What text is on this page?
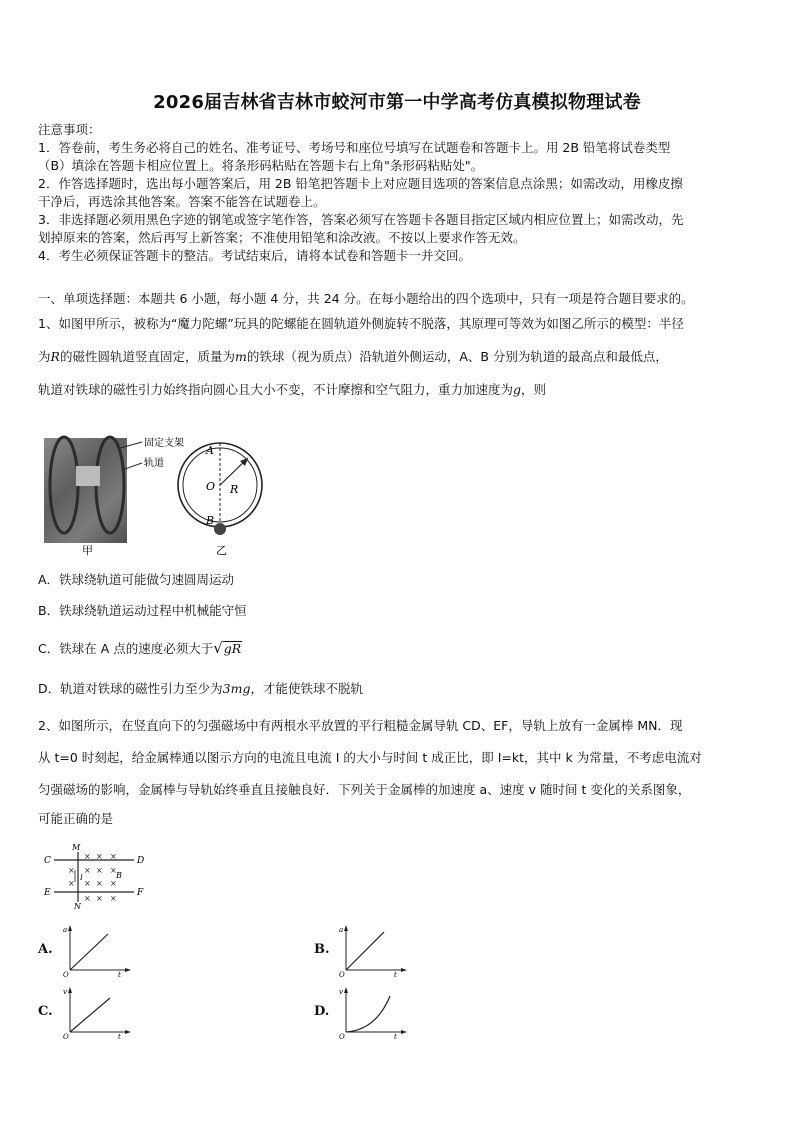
2026届吉林省吉林市蛟河市第一中学高考仿真模拟物理试卷
注意事项：
1．答卷前，考生务必将自己的姓名、准考证号、考场号和座位号填写在试题卷和答题卡上。用 2B 铅笔将试卷类型
（B）填涂在答题卡相应位置上。将条形码粘贴在答题卡右上角"条形码粘贴处"。
2．作答选择题时，选出每小题答案后，用 2B 铅笔把答题卡上对应题目选项的答案信息点涂黑；如需改动，用橡皮擦
干净后，再选涂其他答案。答案不能答在试题卷上。
3．非选择题必须用黑色字迹的钢笔或签字笔作答，答案必须写在答题卡各题目指定区域内相应位置上；如需改动，先
划掉原来的答案，然后再写上新答案；不准使用铅笔和涂改液。不按以上要求作答无效。
4．考生必须保证答题卡的整洁。考试结束后，请将本试卷和答题卡一并交回。
一、单项选择题：本题共 6 小题，每小题 4 分，共 24 分。在每小题给出的四个选项中，只有一项是符合题目要求的。
1、如图甲所示，被称为“魔力陀螺”玩具的陀螺能在圆轨道外侧旋转不脱落，其原理可等效为如图乙所示的模型：半径
为R的磁性圆轨道竖直固定，质量为m的铁球（视为质点）沿轨道外侧运动，A、B 分别为轨道的最高点和最低点，
轨道对铁球的磁性引力始终指向圆心且大小不变，不计摩擦和空气阻力，重力加速度为g，则
固定支架
轨道
甲
A
O R
B
乙
A．铁球绕轨道可能做匀速圆周运动
B．铁球绕轨道运动过程中机械能守恒
C．铁球在 A 点的速度必须大于√gR
D．轨道对铁球的磁性引力至少为3mg，才能使铁球不脱轨
2、如图所示，在竖直向下的匀强磁场中有两根水平放置的平行粗糙金属导轨 CD、EF，导轨上放有一金属棒 MN．现
从 t=0 时刻起，给金属棒通以图示方向的电流且电流 I 的大小与时间 t 成正比，即 I=kt，其中 k 为常量，不考虑电流对
匀强磁场的影响，金属棒与导轨始终垂直且接触良好．下列关于金属棒的加速度 a、速度 v 随时间 t 变化的关系图象，
可能正确的是
× × ×
× × × ×
× × × ×
× × ×
C	D
E	F
M
N
B
I
A.
a
t
O
B.
a
t
O
C.
v
t
O
D.
v
t
O
